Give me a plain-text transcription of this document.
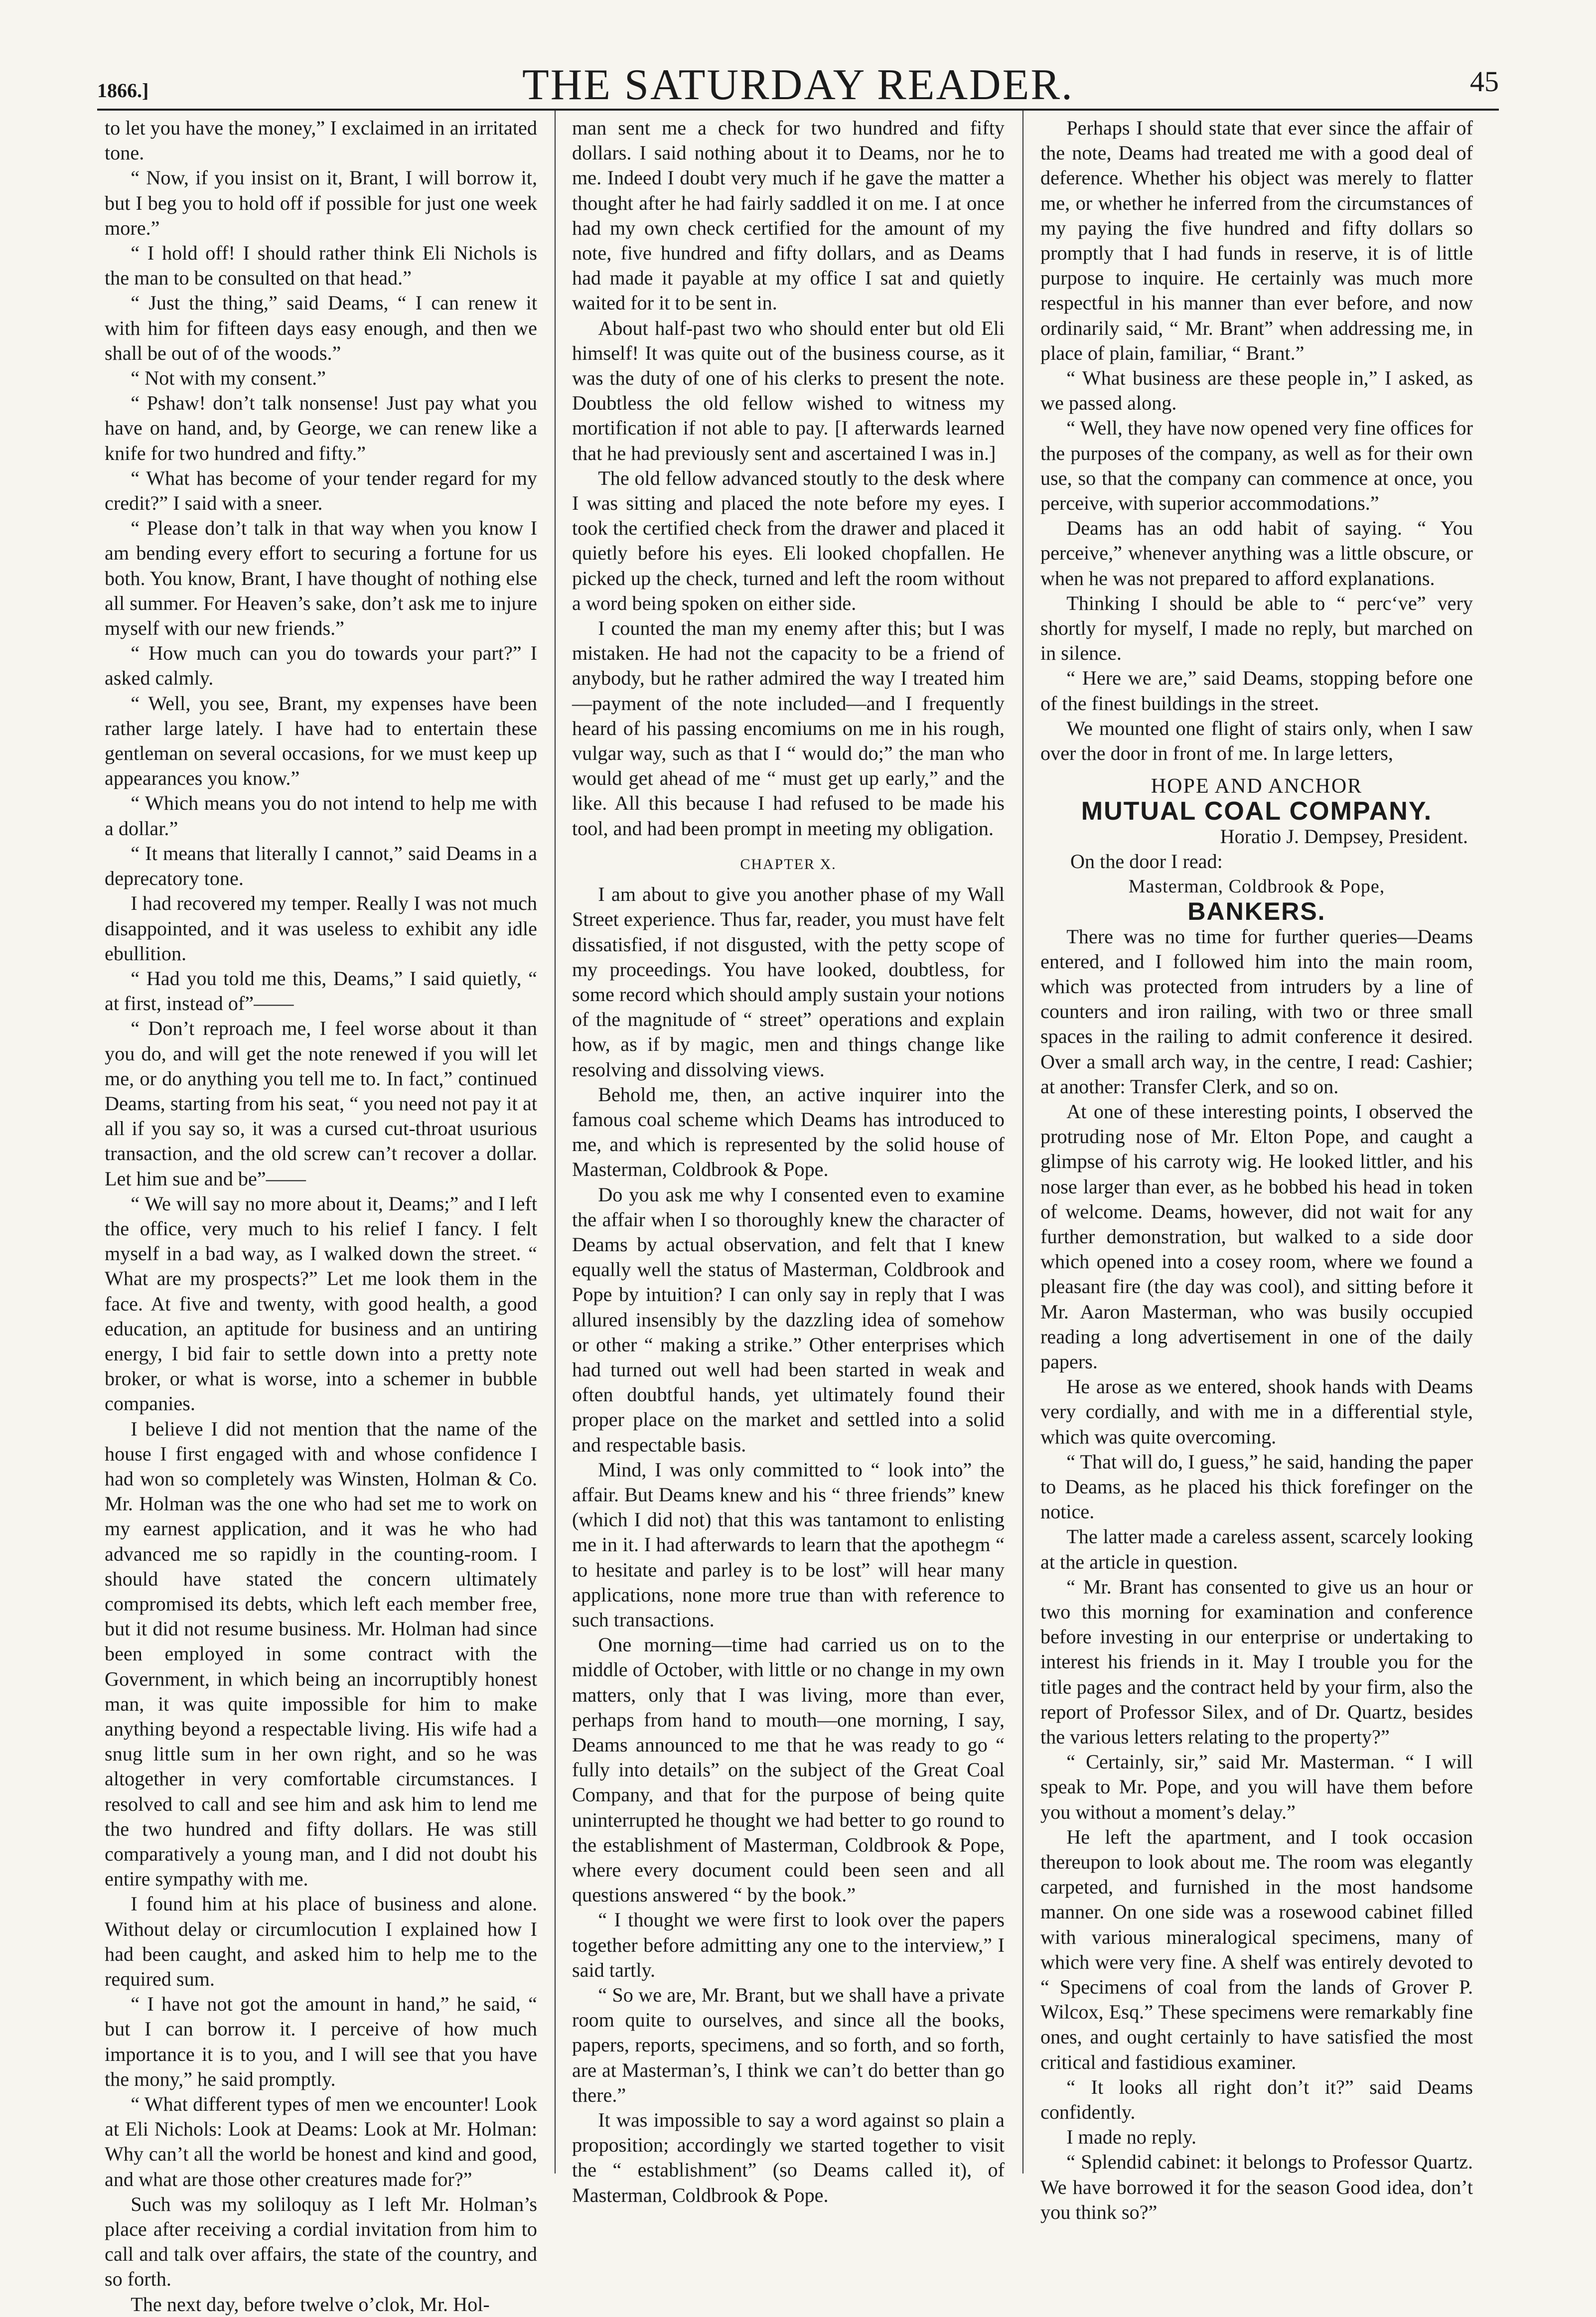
1866.]	THE SATURDAY READER.	45

to let you have the money,” I exclaimed in an irritated tone.

“ Now, if you insist on it, Brant, I will borrow it, but I beg you to hold off if possible for just one week more.”

“ I hold off! I should rather think Eli Nichols is the man to be consulted on that head.”

“ Just the thing,” said Deams, “ I can renew it with him for fifteen days easy enough, and then we shall be out of of the woods.”

“ Not with my consent.”

“ Pshaw! don’t talk nonsense! Just pay what you have on hand, and, by George, we can renew like a knife for two hundred and fifty.”

“ What has become of your tender regard for my credit?” I said with a sneer.

“ Please don’t talk in that way when you know I am bending every effort to securing a fortune for us both. You know, Brant, I have thought of nothing else all summer. For Heaven’s sake, don’t ask me to injure myself with our new friends.”

“ How much can you do towards your part?” I asked calmly.

“ Well, you see, Brant, my expenses have been rather large lately. I have had to entertain these gentleman on several occasions, for we must keep up appearances you know.”

“ Which means you do not intend to help me with a dollar.”

“ It means that literally I cannot,” said Deams in a deprecatory tone.

I had recovered my temper. Really I was not much disappointed, and it was useless to exhibit any idle ebullition.

“ Had you told me this, Deams,” I said quietly, “ at first, instead of”——

“ Don’t reproach me, I feel worse about it than you do, and will get the note renewed if you will let me, or do anything you tell me to. In fact,” continued Deams, starting from his seat, “ you need not pay it at all if you say so, it was a cursed cut-throat usurious transaction, and the old screw can’t recover a dollar. Let him sue and be”——

“ We will say no more about it, Deams;” and I left the office, very much to his relief I fancy. I felt myself in a bad way, as I walked down the street. “ What are my prospects?” Let me look them in the face. At five and twenty, with good health, a good education, an aptitude for business and an untiring energy, I bid fair to settle down into a pretty note broker, or what is worse, into a schemer in bubble companies.

I believe I did not mention that the name of the house I first engaged with and whose confidence I had won so completely was Winsten, Holman & Co. Mr. Holman was the one who had set me to work on my earnest application, and it was he who had advanced me so rapidly in the counting-room. I should have stated the concern ultimately compromised its debts, which left each member free, but it did not resume business. Mr. Holman had since been employed in some contract with the Government, in which being an incorruptibly honest man, it was quite impossible for him to make anything beyond a respectable living. His wife had a snug little sum in her own right, and so he was altogether in very comfortable circumstances. I resolved to call and see him and ask him to lend me the two hundred and fifty dollars. He was still comparatively a young man, and I did not doubt his entire sympathy with me.

I found him at his place of business and alone. Without delay or circumlocution I explained how I had been caught, and asked him to help me to the required sum.

“ I have not got the amount in hand,” he said, “ but I can borrow it. I perceive of how much importance it is to you, and I will see that you have the mony,” he said promptly.

“ What different types of men we encounter! Look at Eli Nichols: Look at Deams: Look at Mr. Holman: Why can’t all the world be honest and kind and good, and what are those other creatures made for?”

Such was my soliloquy as I left Mr. Holman’s place after receiving a cordial invitation from him to call and talk over affairs, the state of the country, and so forth.

The next day, before twelve o’clok, Mr. Hol-

man sent me a check for two hundred and fifty dollars. I said nothing about it to Deams, nor he to me. Indeed I doubt very much if he gave the matter a thought after he had fairly saddled it on me. I at once had my own check certified for the amount of my note, five hundred and fifty dollars, and as Deams had made it payable at my office I sat and quietly waited for it to be sent in.

About half-past two who should enter but old Eli himself! It was quite out of the business course, as it was the duty of one of his clerks to present the note. Doubtless the old fellow wished to witness my mortification if not able to pay. [I afterwards learned that he had previously sent and ascertained I was in.]

The old fellow advanced stoutly to the desk where I was sitting and placed the note before my eyes. I took the certified check from the drawer and placed it quietly before his eyes. Eli looked chopfallen. He picked up the check, turned and left the room without a word being spoken on either side.

I counted the man my enemy after this; but I was mistaken. He had not the capacity to be a friend of anybody, but he rather admired the way I treated him—payment of the note included—and I frequently heard of his passing encomiums on me in his rough, vulgar way, such as that I “ would do;” the man who would get ahead of me “ must get up early,” and the like. All this because I had refused to be made his tool, and had been prompt in meeting my obligation.

CHAPTER X.

I am about to give you another phase of my Wall Street experience. Thus far, reader, you must have felt dissatisfied, if not disgusted, with the petty scope of my proceedings. You have looked, doubtless, for some record which should amply sustain your notions of the magnitude of “ street” operations and explain how, as if by magic, men and things change like resolving and dissolving views.

Behold me, then, an active inquirer into the famous coal scheme which Deams has introduced to me, and which is represented by the solid house of Masterman, Coldbrook & Pope.

Do you ask me why I consented even to examine the affair when I so thoroughly knew the character of Deams by actual observation, and felt that I knew equally well the status of Masterman, Coldbrook and Pope by intuition? I can only say in reply that I was allured insensibly by the dazzling idea of somehow or other “ making a strike.” Other enterprises which had turned out well had been started in weak and often doubtful hands, yet ultimately found their proper place on the market and settled into a solid and respectable basis.

Mind, I was only committed to “ look into” the affair. But Deams knew and his “ three friends” knew (which I did not) that this was tantamont to enlisting me in it. I had afterwards to learn that the apothegm “ to hesitate and parley is to be lost” will hear many applications, none more true than with reference to such transactions.

One morning—time had carried us on to the middle of October, with little or no change in my own matters, only that I was living, more than ever, perhaps from hand to mouth—one morning, I say, Deams announced to me that he was ready to go “ fully into details” on the subject of the Great Coal Company, and that for the purpose of being quite uninterrupted he thought we had better to go round to the establishment of Masterman, Coldbrook & Pope, where every document could been seen and all questions answered “ by the book.”

“ I thought we were first to look over the papers together before admitting any one to the interview,” I said tartly.

“ So we are, Mr. Brant, but we shall have a private room quite to ourselves, and since all the books, papers, reports, specimens, and so forth, and so forth, are at Masterman’s, I think we can’t do better than go there.”

It was impossible to say a word against so plain a proposition; accordingly we started together to visit the “ establishment” (so Deams called it), of Masterman, Coldbrook & Pope.

Perhaps I should state that ever since the affair of the note, Deams had treated me with a good deal of deference. Whether his object was merely to flatter me, or whether he inferred from the circumstances of my paying the five hundred and fifty dollars so promptly that I had funds in reserve, it is of little purpose to inquire. He certainly was much more respectful in his manner than ever before, and now ordinarily said, “ Mr. Brant” when addressing me, in place of plain, familiar, “ Brant.”

“ What business are these people in,” I asked, as we passed along.

“ Well, they have now opened very fine offices for the purposes of the company, as well as for their own use, so that the company can commence at once, you perceive, with superior accommodations.”

Deams has an odd habit of saying. “ You perceive,” whenever anything was a little obscure, or when he was not prepared to afford explanations.

Thinking I should be able to “ percʻve” very shortly for myself, I made no reply, but marched on in silence.

“ Here we are,” said Deams, stopping before one of the finest buildings in the street.

We mounted one flight of stairs only, when I saw over the door in front of me. In large letters,

HOPE AND ANCHOR
MUTUAL COAL COMPANY.
Horatio J. Dempsey, President.
On the door I read:
Masterman, Coldbrook & Pope,
BANKERS.

There was no time for further queries—Deams entered, and I followed him into the main room, which was protected from intruders by a line of counters and iron railing, with two or three small spaces in the railing to admit conference it desired. Over a small arch way, in the centre, I read: Cashier; at another: Transfer Clerk, and so on.

At one of these interesting points, I observed the protruding nose of Mr. Elton Pope, and caught a glimpse of his carroty wig. He looked littler, and his nose larger than ever, as he bobbed his head in token of welcome. Deams, however, did not wait for any further demonstration, but walked to a side door which opened into a cosey room, where we found a pleasant fire (the day was cool), and sitting before it Mr. Aaron Masterman, who was busily occupied reading a long advertisement in one of the daily papers.

He arose as we entered, shook hands with Deams very cordially, and with me in a differential style, which was quite overcoming.

“ That will do, I guess,” he said, handing the paper to Deams, as he placed his thick forefinger on the notice.

The latter made a careless assent, scarcely looking at the article in question.

“ Mr. Brant has consented to give us an hour or two this morning for examination and conference before investing in our enterprise or undertaking to interest his friends in it. May I trouble you for the title pages and the contract held by your firm, also the report of Professor Silex, and of Dr. Quartz, besides the various letters relating to the property?”

“ Certainly, sir,” said Mr. Masterman. “ I will speak to Mr. Pope, and you will have them before you without a moment’s delay.”

He left the apartment, and I took occasion thereupon to look about me. The room was elegantly carpeted, and furnished in the most handsome manner. On one side was a rosewood cabinet filled with various mineralogical specimens, many of which were very fine. A shelf was entirely devoted to “ Specimens of coal from the lands of Grover P. Wilcox, Esq.” These specimens were remarkably fine ones, and ought certainly to have satisfied the most critical and fastidious examiner.

“ It looks all right don’t it?” said Deams confidently.

I made no reply.

“ Splendid cabinet: it belongs to Professor Quartz. We have borrowed it for the season Good idea, don’t you think so?”
